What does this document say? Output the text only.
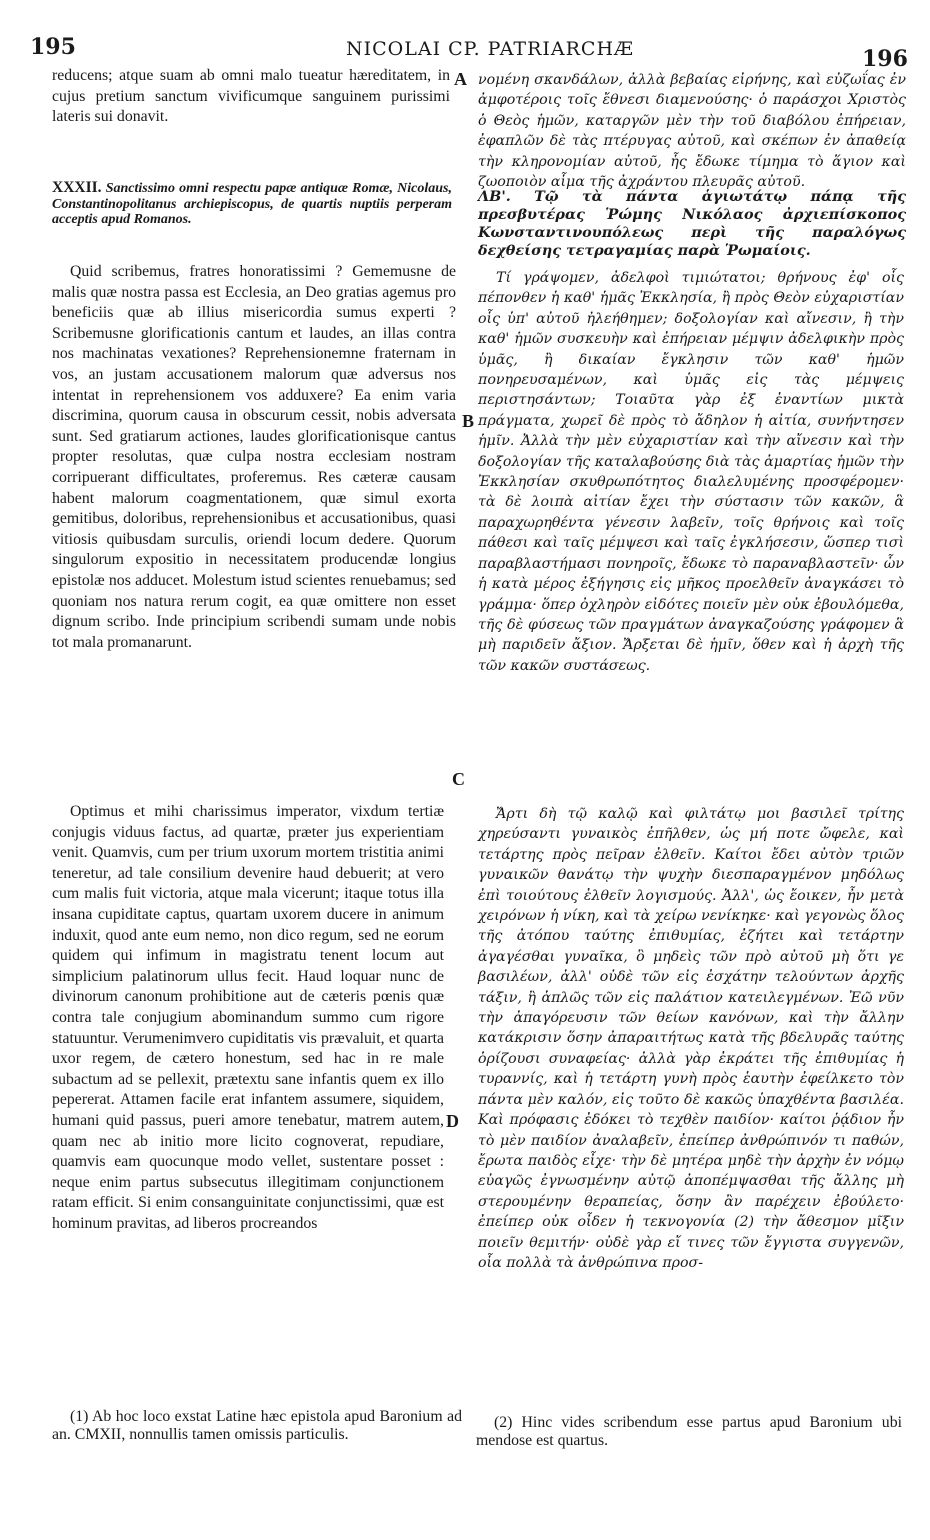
195	NICOLAI CP. PATRIARCHÆ	196
A
B
C
D
reducens; atque suam ab omni malo tueatur hæreditatem, in cujus pretium sanctum vivificumque sanguinem purissimi lateris sui donavit.
XXXII. Sanctissimo omni respectu papæ antiquæ Romæ, Nicolaus, Constantinopolitanus archiepiscopus, de quartis nuptiis perperam acceptis apud Romanos.
Quid scribemus, fratres honoratissimi ? Gememusne de malis quæ nostra passa est Ecclesia, an Deo gratias agemus pro beneficiis quæ ab illius misericordia sumus experti ? Scribemusne glorificationis cantum et laudes, an illas contra nos machinatas vexationes? Reprehensionemne fraternam in vos, an justam accusationem malorum quæ adversus nos intentat in reprehensionem vos adduxere? Ea enim varia discrimina, quorum causa in obscurum cessit, nobis adversata sunt. Sed gratiarum actiones, laudes glorificationisque cantus propter resolutas, quæ culpa nostra ecclesiam nostram corripuerant difficultates, proferemus. Res cæteræ causam habent malorum coagmentationem, quæ simul exorta gemitibus, doloribus, reprehensionibus et accusationibus, quasi vitiosis quibusdam surculis, oriendi locum dedere. Quorum singulorum expositio in necessitatem producendæ longius epistolæ nos adducet. Molestum istud scientes renuebamus; sed quoniam nos natura rerum cogit, ea quæ omittere non esset dignum scribo. Inde principium scribendi sumam unde nobis tot mala promanarunt.
Optimus et mihi charissimus imperator, vixdum tertiæ conjugis viduus factus, ad quartæ, præter jus experientiam venit. Quamvis, cum per trium uxorum mortem tristitia animi teneretur, ad tale consilium devenire haud debuerit; at vero cum malis fuit victoria, atque mala vicerunt; itaque totus illa insana cupiditate captus, quartam uxorem ducere in animum induxit, quod ante eum nemo, non dico regum, sed ne eorum quidem qui infimum in magistratu tenent locum aut simplicium palatinorum ullus fecit. Haud loquar nunc de divinorum canonum prohibitione aut de cæteris pœnis quæ contra tale conjugium abominandum summo cum rigore statuuntur. Verumenimvero cupiditatis vis prævaluit, et quarta uxor regem, de cætero honestum, sed hac in re male subactum ad se pellexit, prætextu sane infantis quem ex illo pepererat. Attamen facile erat infantem assumere, siquidem, humani quid passus, pueri amore tenebatur, matrem autem, quam nec ab initio more licito cognoverat, repudiare, quamvis eam quocunque modo vellet, sustentare posset : neque enim partus subsecutus illegitimam conjunctionem ratam efficit. Si enim consanguinitate conjunctissimi, quæ est hominum pravitas, ad liberos procreandos
(1) Ab hoc loco exstat Latine hæc epistola apud Baronium ad an. CMXII, nonnullis tamen omissis particulis.
νομένη σκανδάλων, ἀλλὰ βεβαίας εἰρήνης, καὶ εὐζωΐας ἐν ἀμφοτέροις τοῖς ἔθνεσι διαμενούσης· ὁ παράσχοι Χριστὸς ὁ Θεὸς ἡμῶν, καταργῶν μὲν τὴν τοῦ διαβόλου ἐπήρειαν, ἐφαπλῶν δὲ τὰς πτέρυγας αὐτοῦ, καὶ σκέπων ἐν ἀπαθείᾳ τὴν κληρονομίαν αὐτοῦ, ἧς ἔδωκε τίμημα τὸ ἅγιον καὶ ζωοποιὸν αἷμα τῆς ἀχράντου πλευρᾶς αὐτοῦ.
ΛΒ'. Τῷ τὰ πάντα ἁγιωτάτῳ πάπᾳ τῆς πρεσβυτέρας Ῥώμης Νικόλαος ἀρχιεπίσκοπος Κωνσταντινουπόλεως περὶ τῆς παραλόγως δεχθείσης τετραγαμίας παρὰ Ῥωμαίοις.
Τί γράψομεν, ἀδελφοὶ τιμιώτατοι; θρήνους ἐφ' οἷς πέπονθεν ἡ καθ' ἡμᾶς Ἐκκλησία, ἢ πρὸς Θεὸν εὐχαριστίαν οἷς ὑπ' αὐτοῦ ἠλεήθημεν; δοξολογίαν καὶ αἴνεσιν, ἢ τὴν καθ' ἡμῶν συσκευὴν καὶ ἐπήρειαν μέμψιν ἀδελφικὴν πρὸς ὑμᾶς, ἢ δικαίαν ἔγκλησιν τῶν καθ' ἡμῶν πονηρευσαμένων, καὶ ὑμᾶς εἰς τὰς μέμψεις περιστησάντων; Τοιαῦτα γὰρ ἐξ ἐναντίων μικτὰ πράγματα, χωρεῖ δὲ πρὸς τὸ ἄδηλον ἡ αἰτία, συνήντησεν ἡμῖν. Ἀλλὰ τὴν μὲν εὐχαριστίαν καὶ τὴν αἴνεσιν καὶ τὴν δοξολογίαν τῆς καταλαβούσης διὰ τὰς ἁμαρτίας ἡμῶν τὴν Ἐκκλησίαν σκυθρωπότητος διαλελυμένης προσφέρομεν· τὰ δὲ λοιπὰ αἰτίαν ἔχει τὴν σύστασιν τῶν κακῶν, ἃ παραχωρηθέντα γένεσιν λαβεῖν, τοῖς θρήνοις καὶ τοῖς πάθεσι καὶ ταῖς μέμψεσι καὶ ταῖς ἐγκλήσεσιν, ὥσπερ τισὶ παραβλαστήμασι πονηροῖς, ἔδωκε τὸ παραναβλαστεῖν· ὧν ἡ κατὰ μέρος ἐξήγησις εἰς μῆκος προελθεῖν ἀναγκάσει τὸ γράμμα· ὅπερ ὀχληρὸν εἰδότες ποιεῖν μὲν οὐκ ἐβουλόμεθα, τῆς δὲ φύσεως τῶν πραγμάτων ἀναγκαζούσης γράφομεν ἃ μὴ παριδεῖν ἄξιον. Ἄρξεται δὲ ἡμῖν, ὅθεν καὶ ἡ ἀρχὴ τῆς τῶν κακῶν συστάσεως.
Ἄρτι δὴ τῷ καλῷ καὶ φιλτάτῳ μοι βασιλεῖ τρίτης χηρεύσαντι γυναικὸς ἐπῆλθεν, ὡς μή ποτε ὤφελε, καὶ τετάρτης πρὸς πεῖραν ἐλθεῖν. Καίτοι ἔδει αὐτὸν τριῶν γυναικῶν θανάτῳ τὴν ψυχὴν διεσπαραγμένον μηδόλως ἐπὶ τοιούτους ἐλθεῖν λογισμούς. Ἀλλ', ὡς ἔοικεν, ἦν μετὰ χειρόνων ἡ νίκη, καὶ τὰ χείρω νενίκηκε· καὶ γεγονὼς ὅλος τῆς ἀτόπου ταύτης ἐπιθυμίας, ἐζήτει καὶ τετάρτην ἀγαγέσθαι γυναῖκα, ὃ μηδεὶς τῶν πρὸ αὐτοῦ μὴ ὅτι γε βασιλέων, ἀλλ' οὐδὲ τῶν εἰς ἐσχάτην τελούντων ἀρχῆς τάξιν, ἢ ἁπλῶς τῶν εἰς παλάτιον κατειλεγμένων. Ἐῶ νῦν τὴν ἀπαγόρευσιν τῶν θείων κανόνων, καὶ τὴν ἄλλην κατάκρισιν ὅσην ἀπαραιτήτως κατὰ τῆς βδελυρᾶς ταύτης ὁρίζουσι συναφείας· ἀλλὰ γὰρ ἐκράτει τῆς ἐπιθυμίας ἡ τυραννίς, καὶ ἡ τετάρτη γυνὴ πρὸς ἑαυτὴν ἐφείλκετο τὸν πάντα μὲν καλόν, εἰς τοῦτο δὲ κακῶς ὑπαχθέντα βασιλέα. Καὶ πρόφασις ἐδόκει τὸ τεχθὲν παιδίον· καίτοι ῥᾴδιον ἦν τὸ μὲν παιδίον ἀναλαβεῖν, ἐπείπερ ἀνθρώπινόν τι παθών, ἔρωτα παιδὸς εἶχε· τὴν δὲ μητέρα μηδὲ τὴν ἀρχὴν ἐν νόμῳ εὐαγῶς ἐγνωσμένην αὐτῷ ἀποπέμψασθαι τῆς ἄλλης μὴ στερουμένην θεραπείας, ὅσην ἂν παρέχειν ἐβούλετο· ἐπείπερ οὐκ οἶδεν ἡ τεκνογονία (2) τὴν ἄθεσμον μῖξιν ποιεῖν θεμιτήν· οὐδὲ γὰρ εἴ τινες τῶν ἔγγιστα συγγενῶν, οἷα πολλὰ τὰ ἀνθρώπινα προσ-
(2) Hinc vides scribendum esse partus apud Baronium ubi mendose est quartus.
